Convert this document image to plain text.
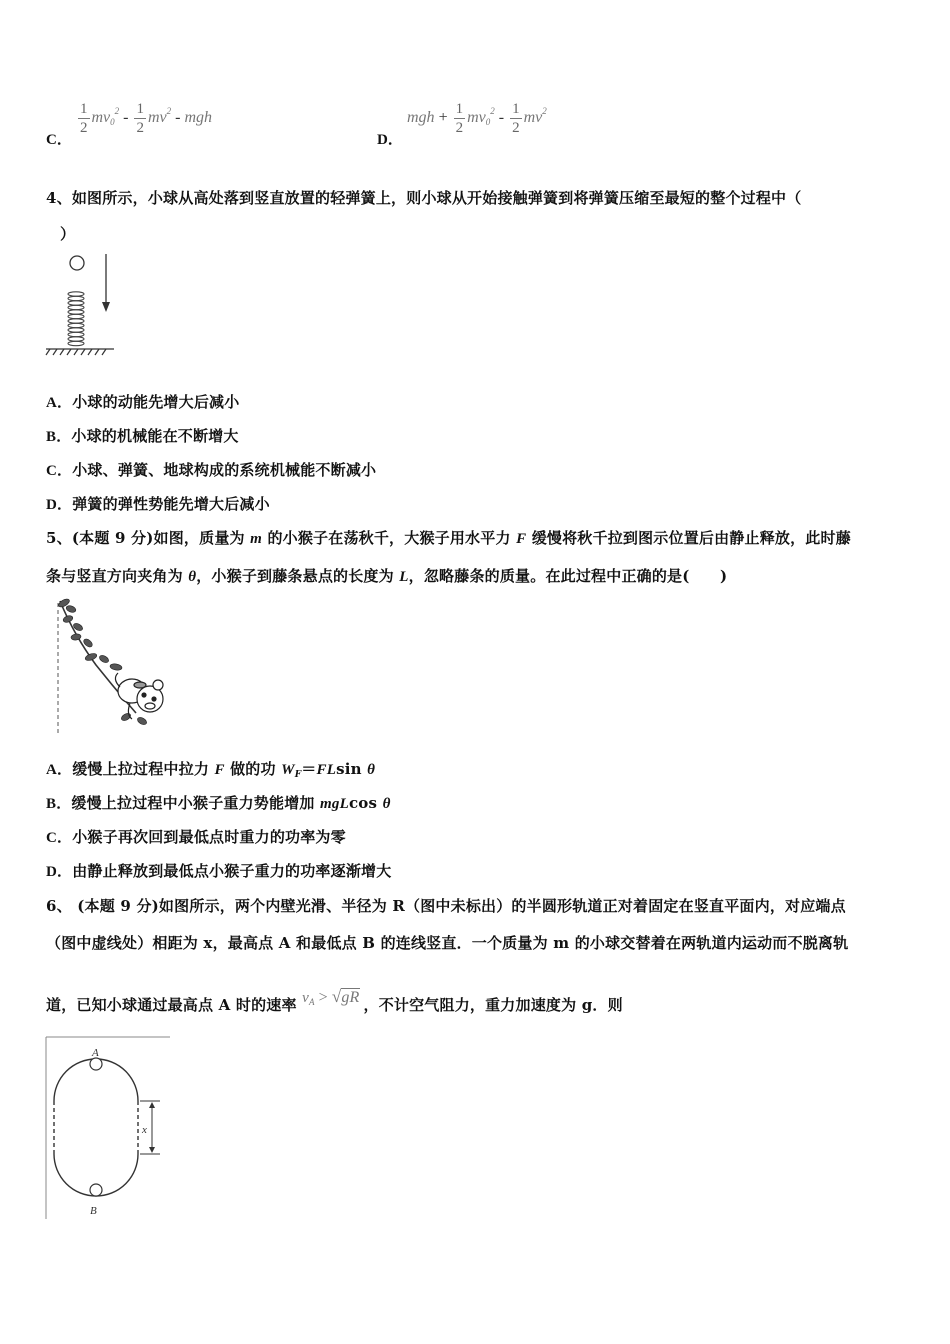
C．
$\frac{1}{2} mv_0^2 - \frac{1}{2} mv^2$ - mgh
D．
mgh + $\frac{1}{2} mv_0^2 - \frac{1}{2} mv^2$
4、如图所示，小球从高处落到竖直放置的轻弹簧上，则小球从开始接触弹簧到将弹簧压缩至最短的整个过程中（
）
A．小球的动能先增大后减小
B．小球的机械能在不断增大
C．小球、弹簧、地球构成的系统机械能不断减小
D．弹簧的弹性势能先增大后减小
5、(本题 9 分)如图，质量为 m 的小猴子在荡秋千，大猴子用水平力 F 缓慢将秋千拉到图示位置后由静止释放，此时藤
条与竖直方向夹角为 θ，小猴子到藤条悬点的长度为 L，忽略藤条的质量。在此过程中正确的是(　　)
A．缓慢上拉过程中拉力 F 做的功 $W_F=FLsin$ θ
B．缓慢上拉过程中小猴子重力势能增加 mgLcos θ
C．小猴子再次回到最低点时重力的功率为零
D．由静止释放到最低点小猴子重力的功率逐渐增大
6、 (本题 9 分)如图所示，两个内壁光滑、半径为 R（图中未标出）的半圆形轨道正对着固定在竖直平面内，对应端点
（图中虚线处）相距为 x，最高点 A 和最低点 B 的连线竖直．一个质量为 m 的小球交替着在两轨道内运动而不脱离轨
道，已知小球通过最高点 A 时的速率 $v_A > √gR$ ，不计空气阻力，重力加速度为 g．则
x
A
B
